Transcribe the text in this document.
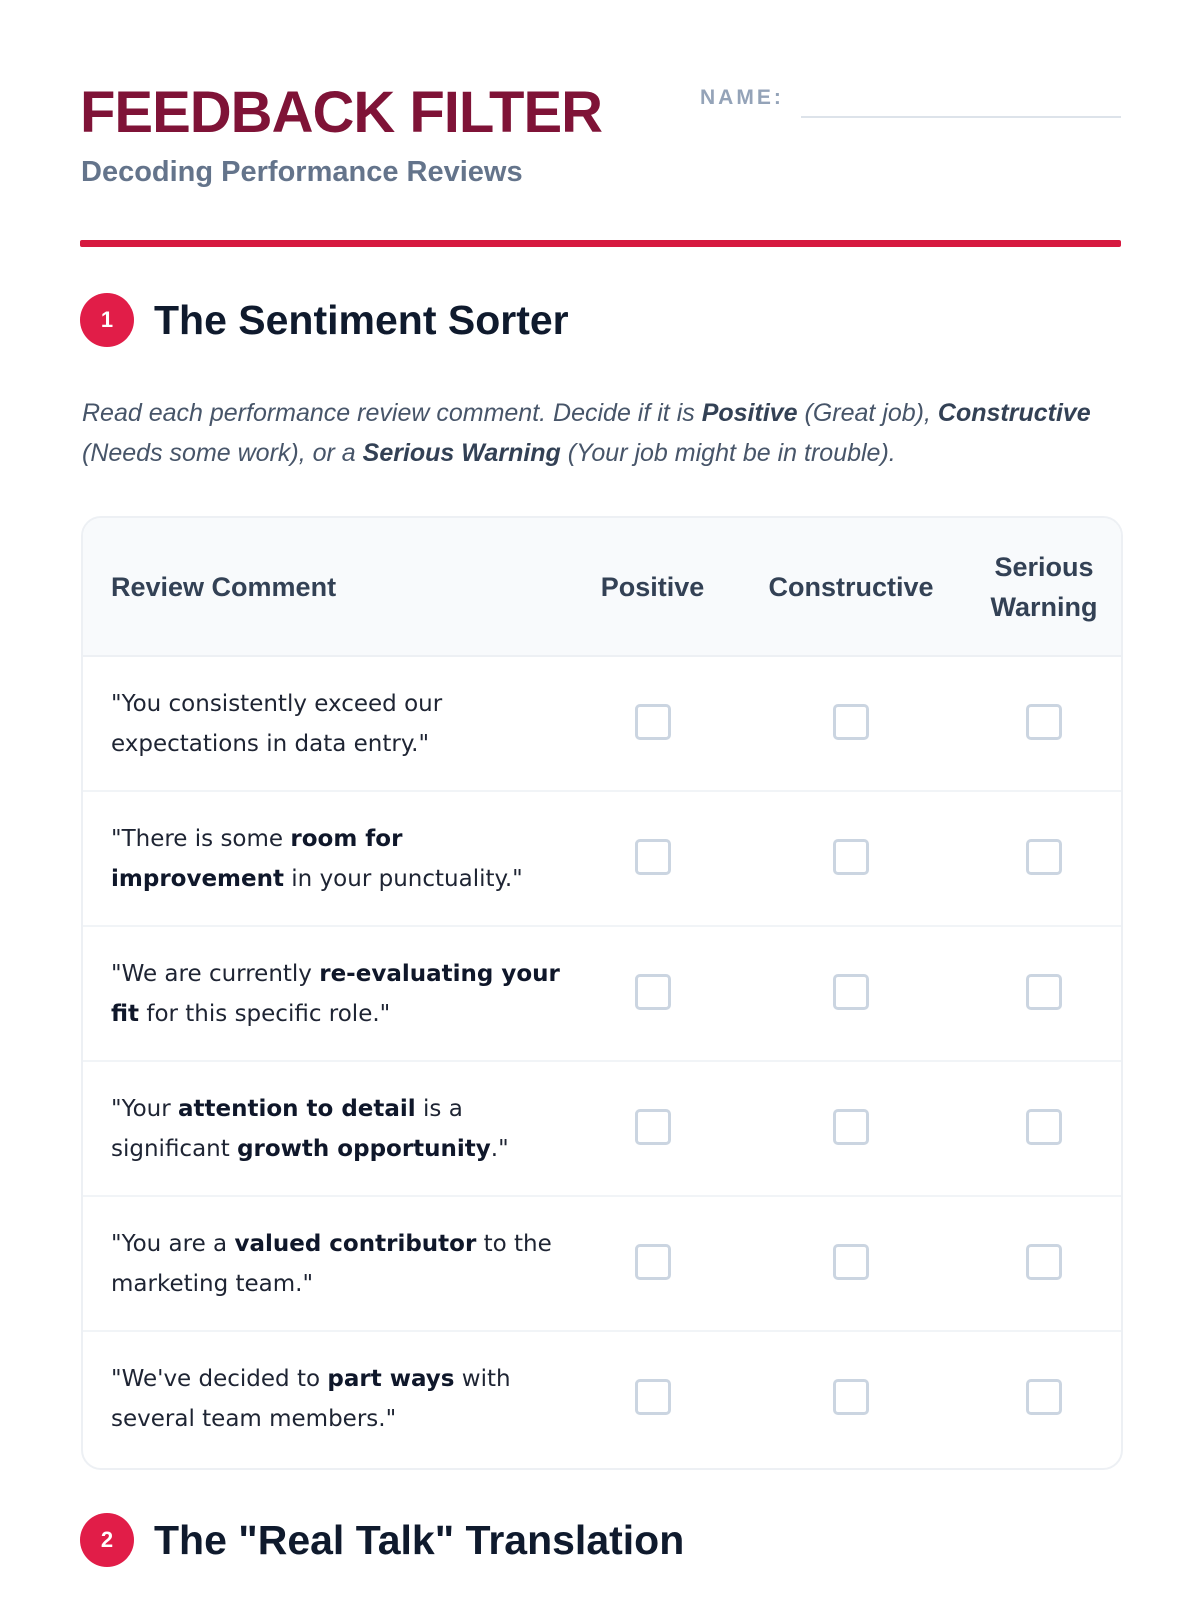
FEEDBACK FILTER

Decoding Performance Reviews

NAME:
1 The Sentiment Sorter

Read each performance review comment. Decide if it is Positive (Great job), Constructive (Needs some work), or a Serious Warning (Your job might be in trouble).

Review Comment	Positive	Constructive	Serious Warning
"You consistently exceed our expectations in data entry."			
"There is some room for improvement in your punctuality."			
"We are currently re-evaluating your fit for this specific role."			
"Your attention to detail is a significant growth opportunity."			
"You are a valued contributor to the marketing team."			
"We've decided to part ways with several team members."			
2 The "Real Talk" Translation
